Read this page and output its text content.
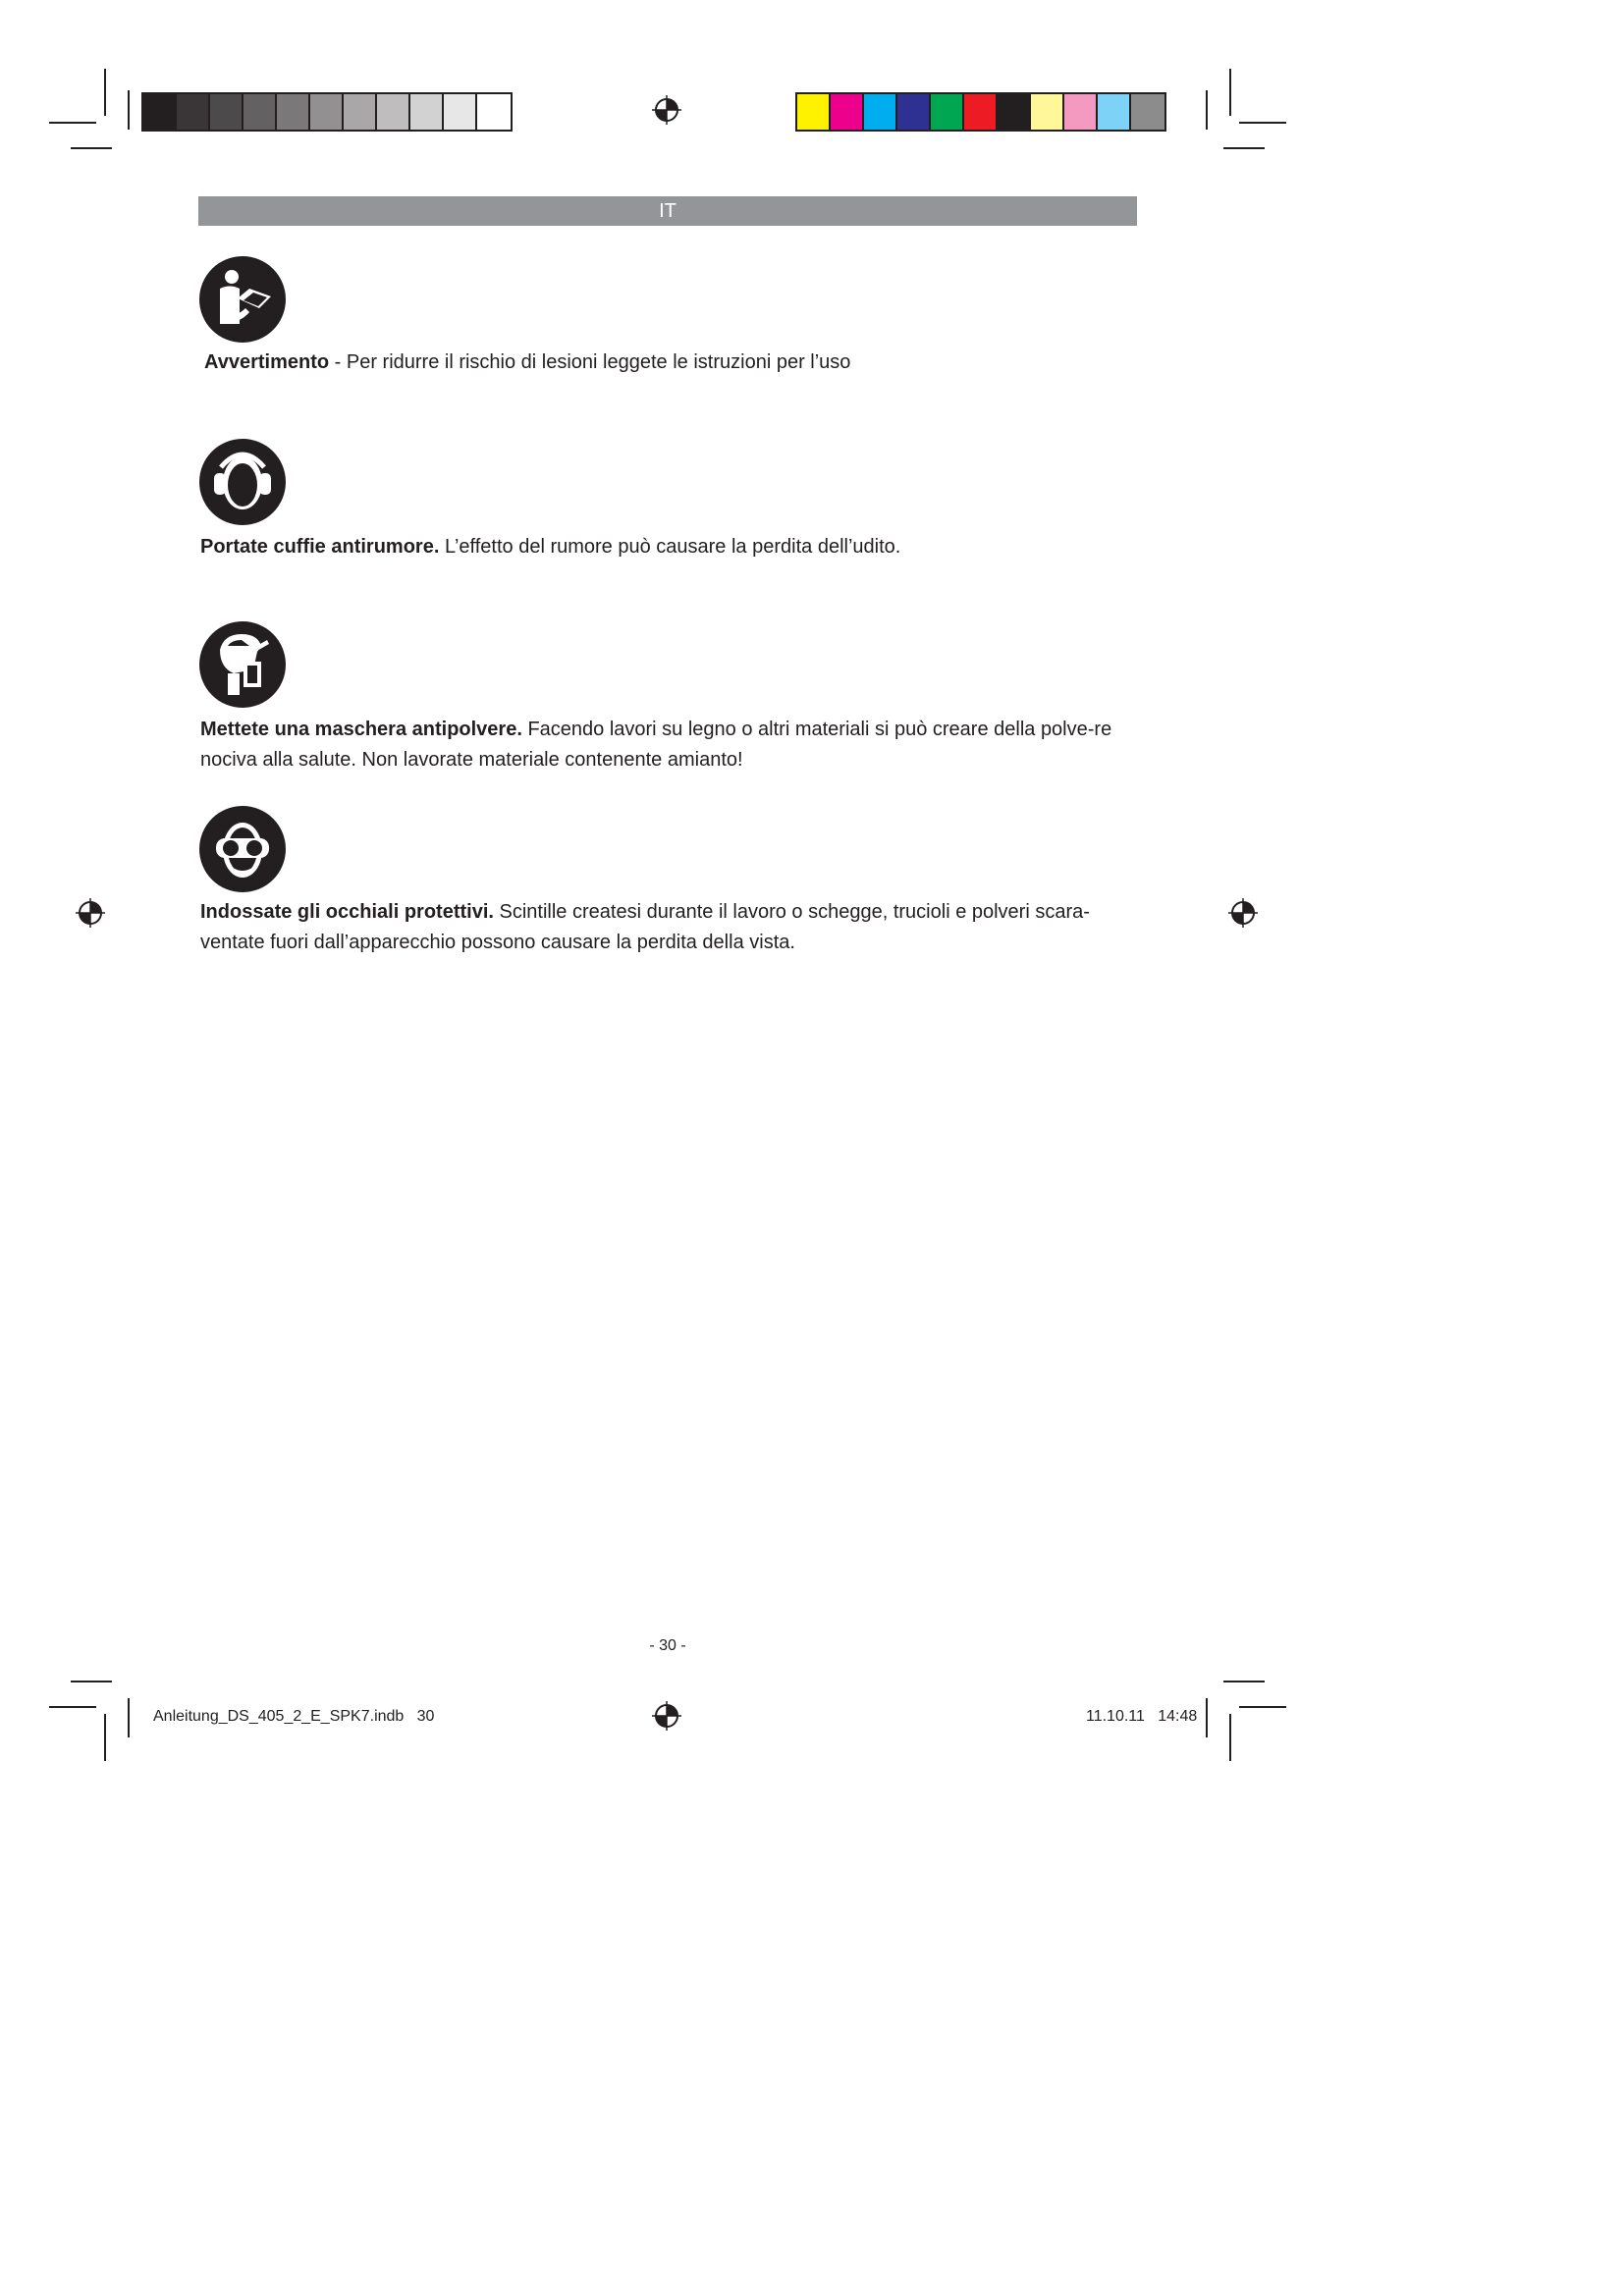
IT
Avvertimento - Per ridurre il rischio di lesioni leggete le istruzioni per l’uso
Portate cuffie antirumore. L’effetto del rumore può causare la perdita dell’udito.
Mettete una maschera antipolvere. Facendo lavori su legno o altri materiali si può creare della polve-re nociva alla salute. Non lavorate materiale contenente amianto!
Indossate gli occhiali protettivi. Scintille createsi durante il lavoro o schegge, trucioli e polveri scara-ventate fuori dall’apparecchio possono causare la perdita della vista.
- 30 -
Anleitung_DS_405_2_E_SPK7.indb   30	11.10.11   14:48
